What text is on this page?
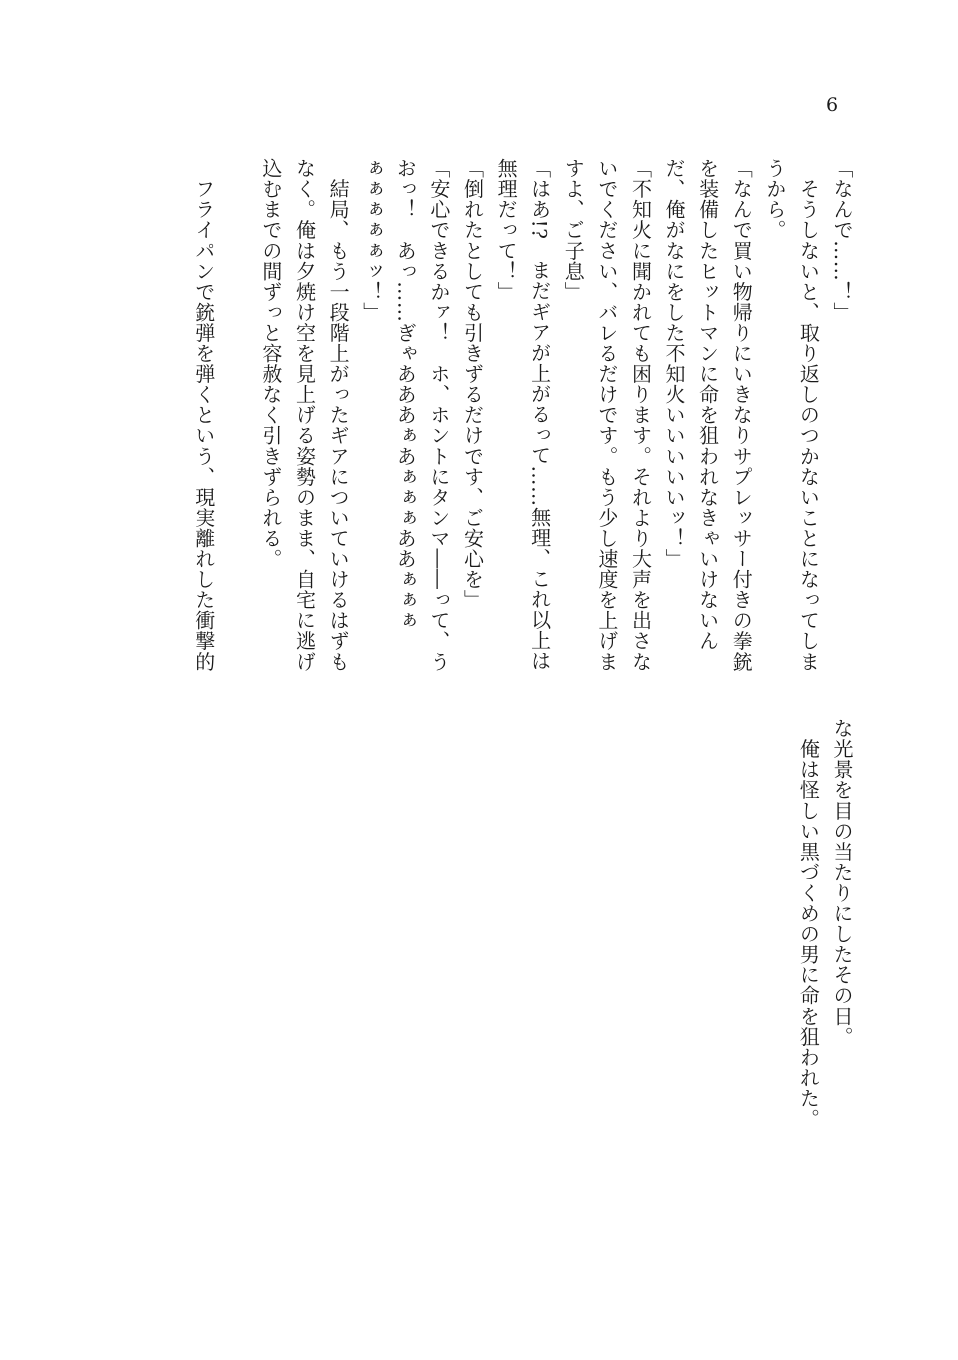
6
「なんで……！」
　そうしないと、取り返しのつかないことになってしま
うから。
「なんで買い物帰りにいきなりサプレッサー付きの拳銃
を装備したヒットマンに命を狙われなきゃいけないん
だ、俺がなにをした不知火いいいいいッ！」
「不知火に聞かれても困ります。それより大声を出さな
いでください、バレるだけです。もう少し速度を上げま
すよ、ご子息」
「はあ!?　まだギアが上がるって……無理、これ以上は
無理だって！」
「倒れたとしても引きずるだけです、ご安心を」
「安心できるかァ！　ホ、ホントにタンマ――って、う
おっ！　あっ……ぎゃあああぁあぁぁぁああぁぁぁ
ぁぁぁぁぁッ！」
　結局、もう一段階上がったギアについていけるはずも
なく。俺は夕焼け空を見上げる姿勢のまま、自宅に逃げ
込むまでの間ずっと容赦なく引きずられる。

　フライパンで銃弾を弾くという、現実離れした衝撃的
な光景を目の当たりにしたその日。
　俺は怪しい黒づくめの男に命を狙われた。
